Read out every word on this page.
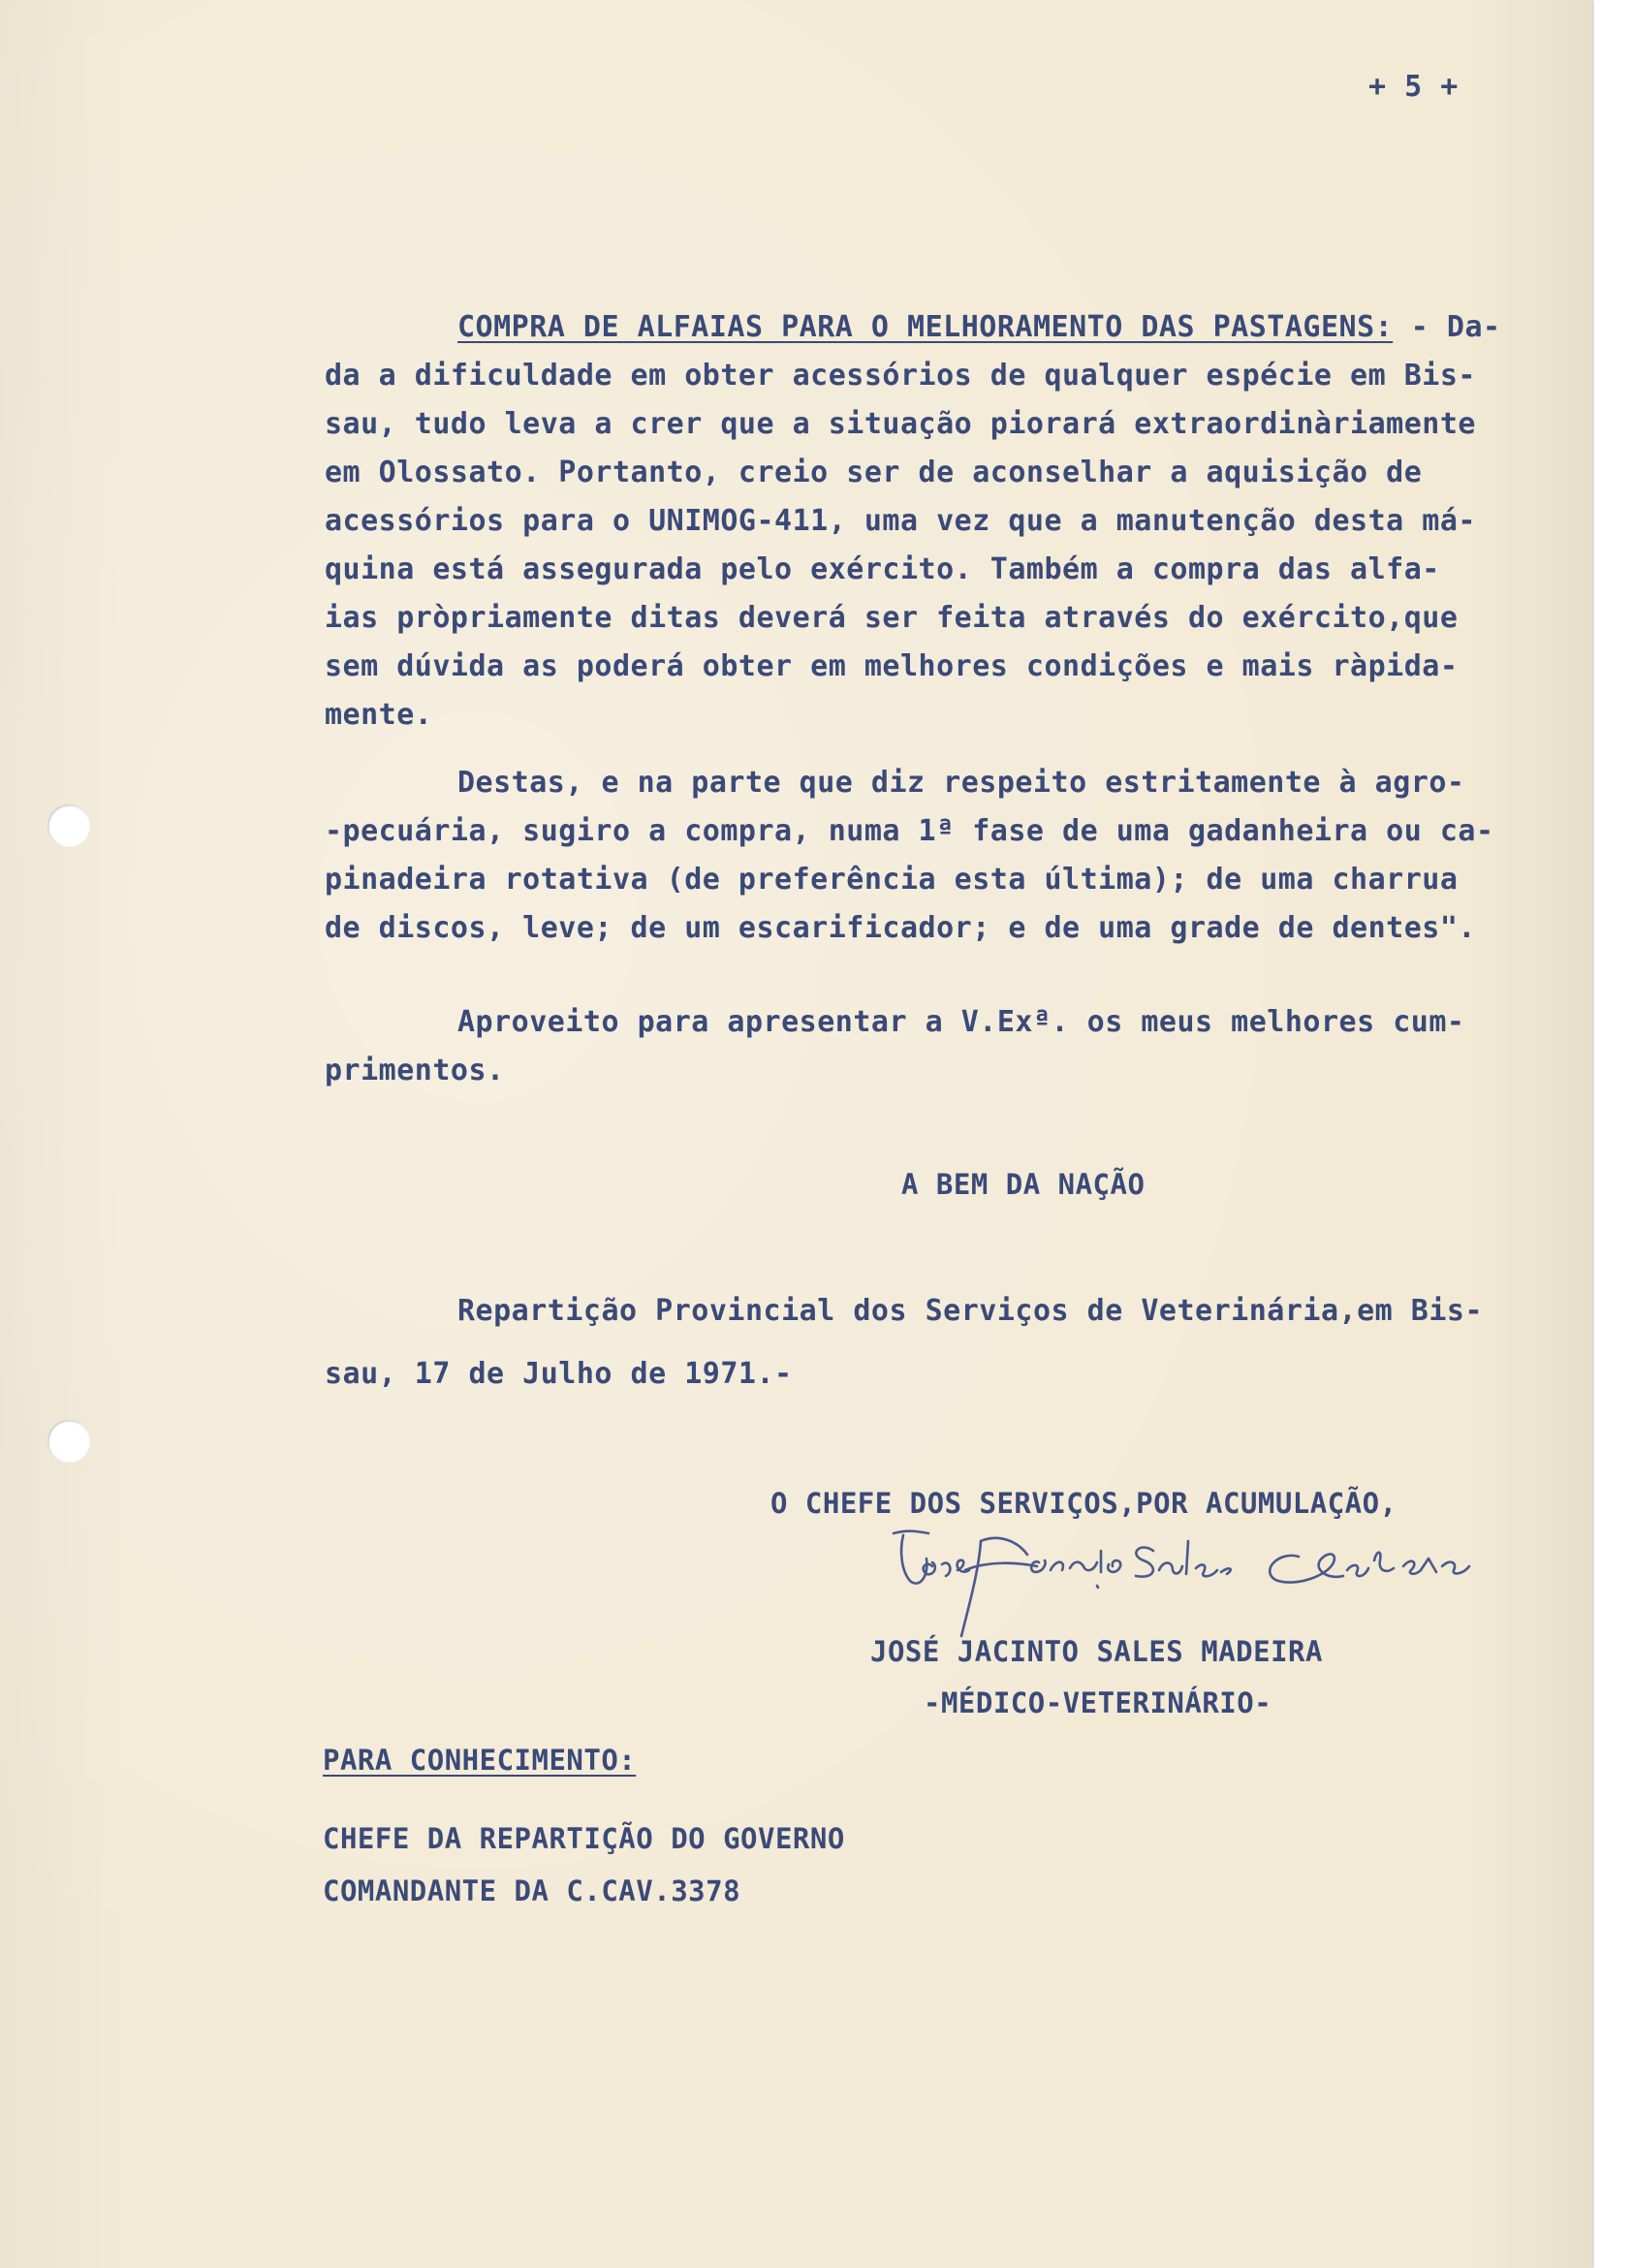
+ 5 +

COMPRA DE ALFAIAS PARA O MELHORAMENTO DAS PASTAGENS: - Da-

da a dificuldade em obter acessórios de qualquer espécie em Bis-

sau, tudo leva a crer que a situação piorará extraordinàriamente

em Olossato. Portanto, creio ser de aconselhar a aquisição de

acessórios para o UNIMOG-411, uma vez que a manutenção desta má-

quina está assegurada pelo exército. Também a compra das alfa-

ias pròpriamente ditas deverá ser feita através do exército,que

sem dúvida as poderá obter em melhores condições e mais ràpida-

mente.

Destas, e na parte que diz respeito estritamente à agro-

-pecuária, sugiro a compra, numa 1ª fase de uma gadanheira ou ca-

pinadeira rotativa (de preferência esta última); de uma charrua

de discos, leve; de um escarificador; e de uma grade de dentes".

Aproveito para apresentar a V.Exª. os meus melhores cum-

primentos.

A BEM DA NAÇÃO

Repartição Provincial dos Serviços de Veterinária,em Bis-

sau, 17 de Julho de 1971.-

O CHEFE DOS SERVIÇOS,POR ACUMULAÇÃO,

JOSÉ JACINTO SALES MADEIRA

-MÉDICO-VETERINÁRIO-

PARA CONHECIMENTO:

CHEFE DA REPARTIÇÃO DO GOVERNO

COMANDANTE DA C.CAV.3378
